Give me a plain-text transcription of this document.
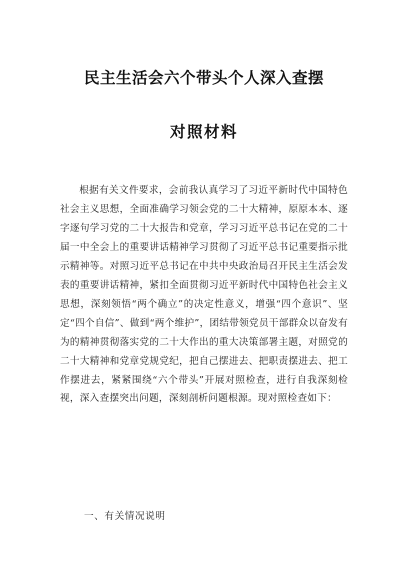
民主生活会六个带头个人深入查摆
对照材料

根据有关文件要求，会前我认真学习了习近平新时代中国特色社会主义思想，全面准确学习领会党的二十大精神，原原本本、逐字逐句学习党的二十大报告和党章，学习习近平总书记在党的二十届一中全会上的重要讲话精神学习贯彻了习近平总书记重要指示批示精神等。对照习近平总书记在中共中央政治局召开民主生活会发表的重要讲话精神，紧扣全面贯彻习近平新时代中国特色社会主义思想，深刻领悟“两个确立”的决定性意义，增强“四个意识”、坚定“四个自信”、做到“两个维护”，团结带领党员干部群众以奋发有为的精神贯彻落实党的二十大作出的重大决策部署主题，对照党的二十大精神和党章党规党纪，把自己摆进去、把职责摆进去、把工作摆进去，紧紧围绕“六个带头”开展对照检查，进行自我深刻检视，深入查摆突出问题，深刻剖析问题根源。现对照检查如下：

一、有关情况说明
